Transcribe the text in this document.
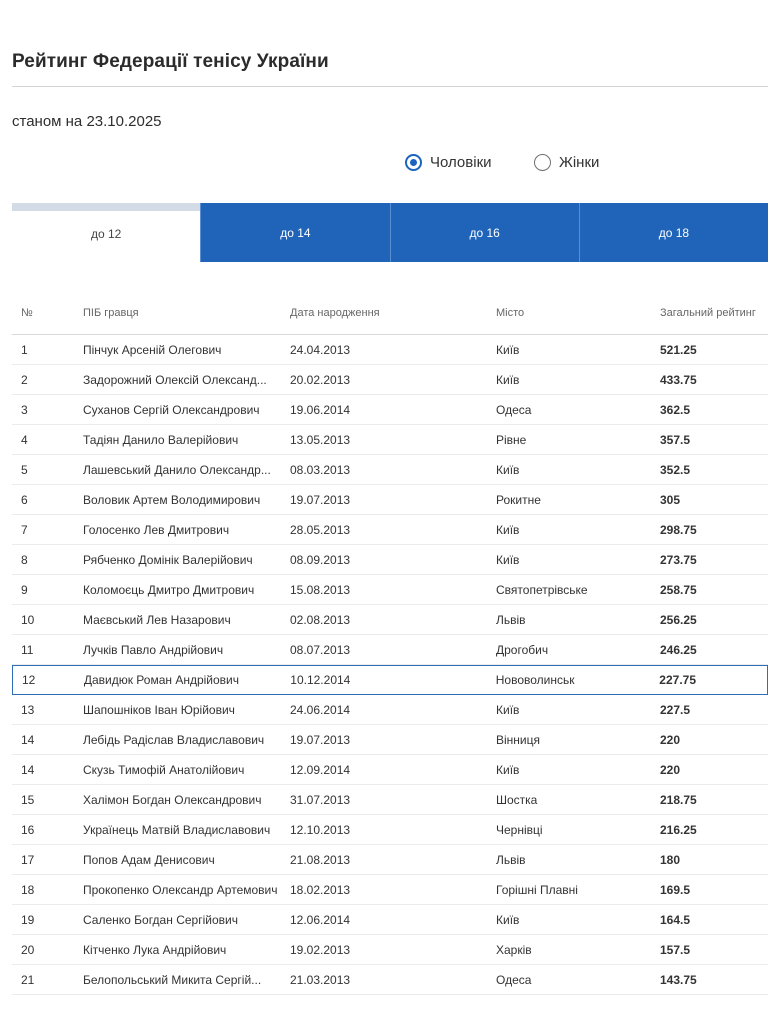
Рейтинг Федерації тенісу України
станом на 23.10.2025
Чоловіки	Жінки
до 12	до 14	до 16	до 18
№	ПІБ гравця	Дата народження	Місто	Загальний рейтинг
1	Пінчук Арсеній Олегович	24.04.2013	Київ	521.25
2	Задорожний Олексій Олександ...	20.02.2013	Київ	433.75
3	Суханов Сергій Олександрович	19.06.2014	Одеса	362.5
4	Тадіян Данило Валерійович	13.05.2013	Рівне	357.5
5	Лашевський Данило Олександр...	08.03.2013	Київ	352.5
6	Воловик Артем Володимирович	19.07.2013	Рокитне	305
7	Голосенко Лев Дмитрович	28.05.2013	Київ	298.75
8	Рябченко Домінік Валерійович	08.09.2013	Київ	273.75
9	Коломоєць Дмитро Дмитрович	15.08.2013	Святопетрівське	258.75
10	Маєвський Лев Назарович	02.08.2013	Львів	256.25
11	Лучків Павло Андрійович	08.07.2013	Дрогобич	246.25
12	Давидюк Роман Андрійович	10.12.2014	Нововолинськ	227.75
13	Шапошніков Іван Юрійович	24.06.2014	Київ	227.5
14	Лебідь Радіслав Владиславович	19.07.2013	Вінниця	220
14	Скузь Тимофій Анатолійович	12.09.2014	Київ	220
15	Халімон Богдан Олександрович	31.07.2013	Шостка	218.75
16	Українець Матвій Владиславович	12.10.2013	Чернівці	216.25
17	Попов Адам Денисович	21.08.2013	Львів	180
18	Прокопенко Олександр Артемович	18.02.2013	Горішні Плавні	169.5
19	Саленко Богдан Сергійович	12.06.2014	Київ	164.5
20	Кітченко Лука Андрійович	19.02.2013	Харків	157.5
21	Белопольський Микита Сергій...	21.03.2013	Одеса	143.75
